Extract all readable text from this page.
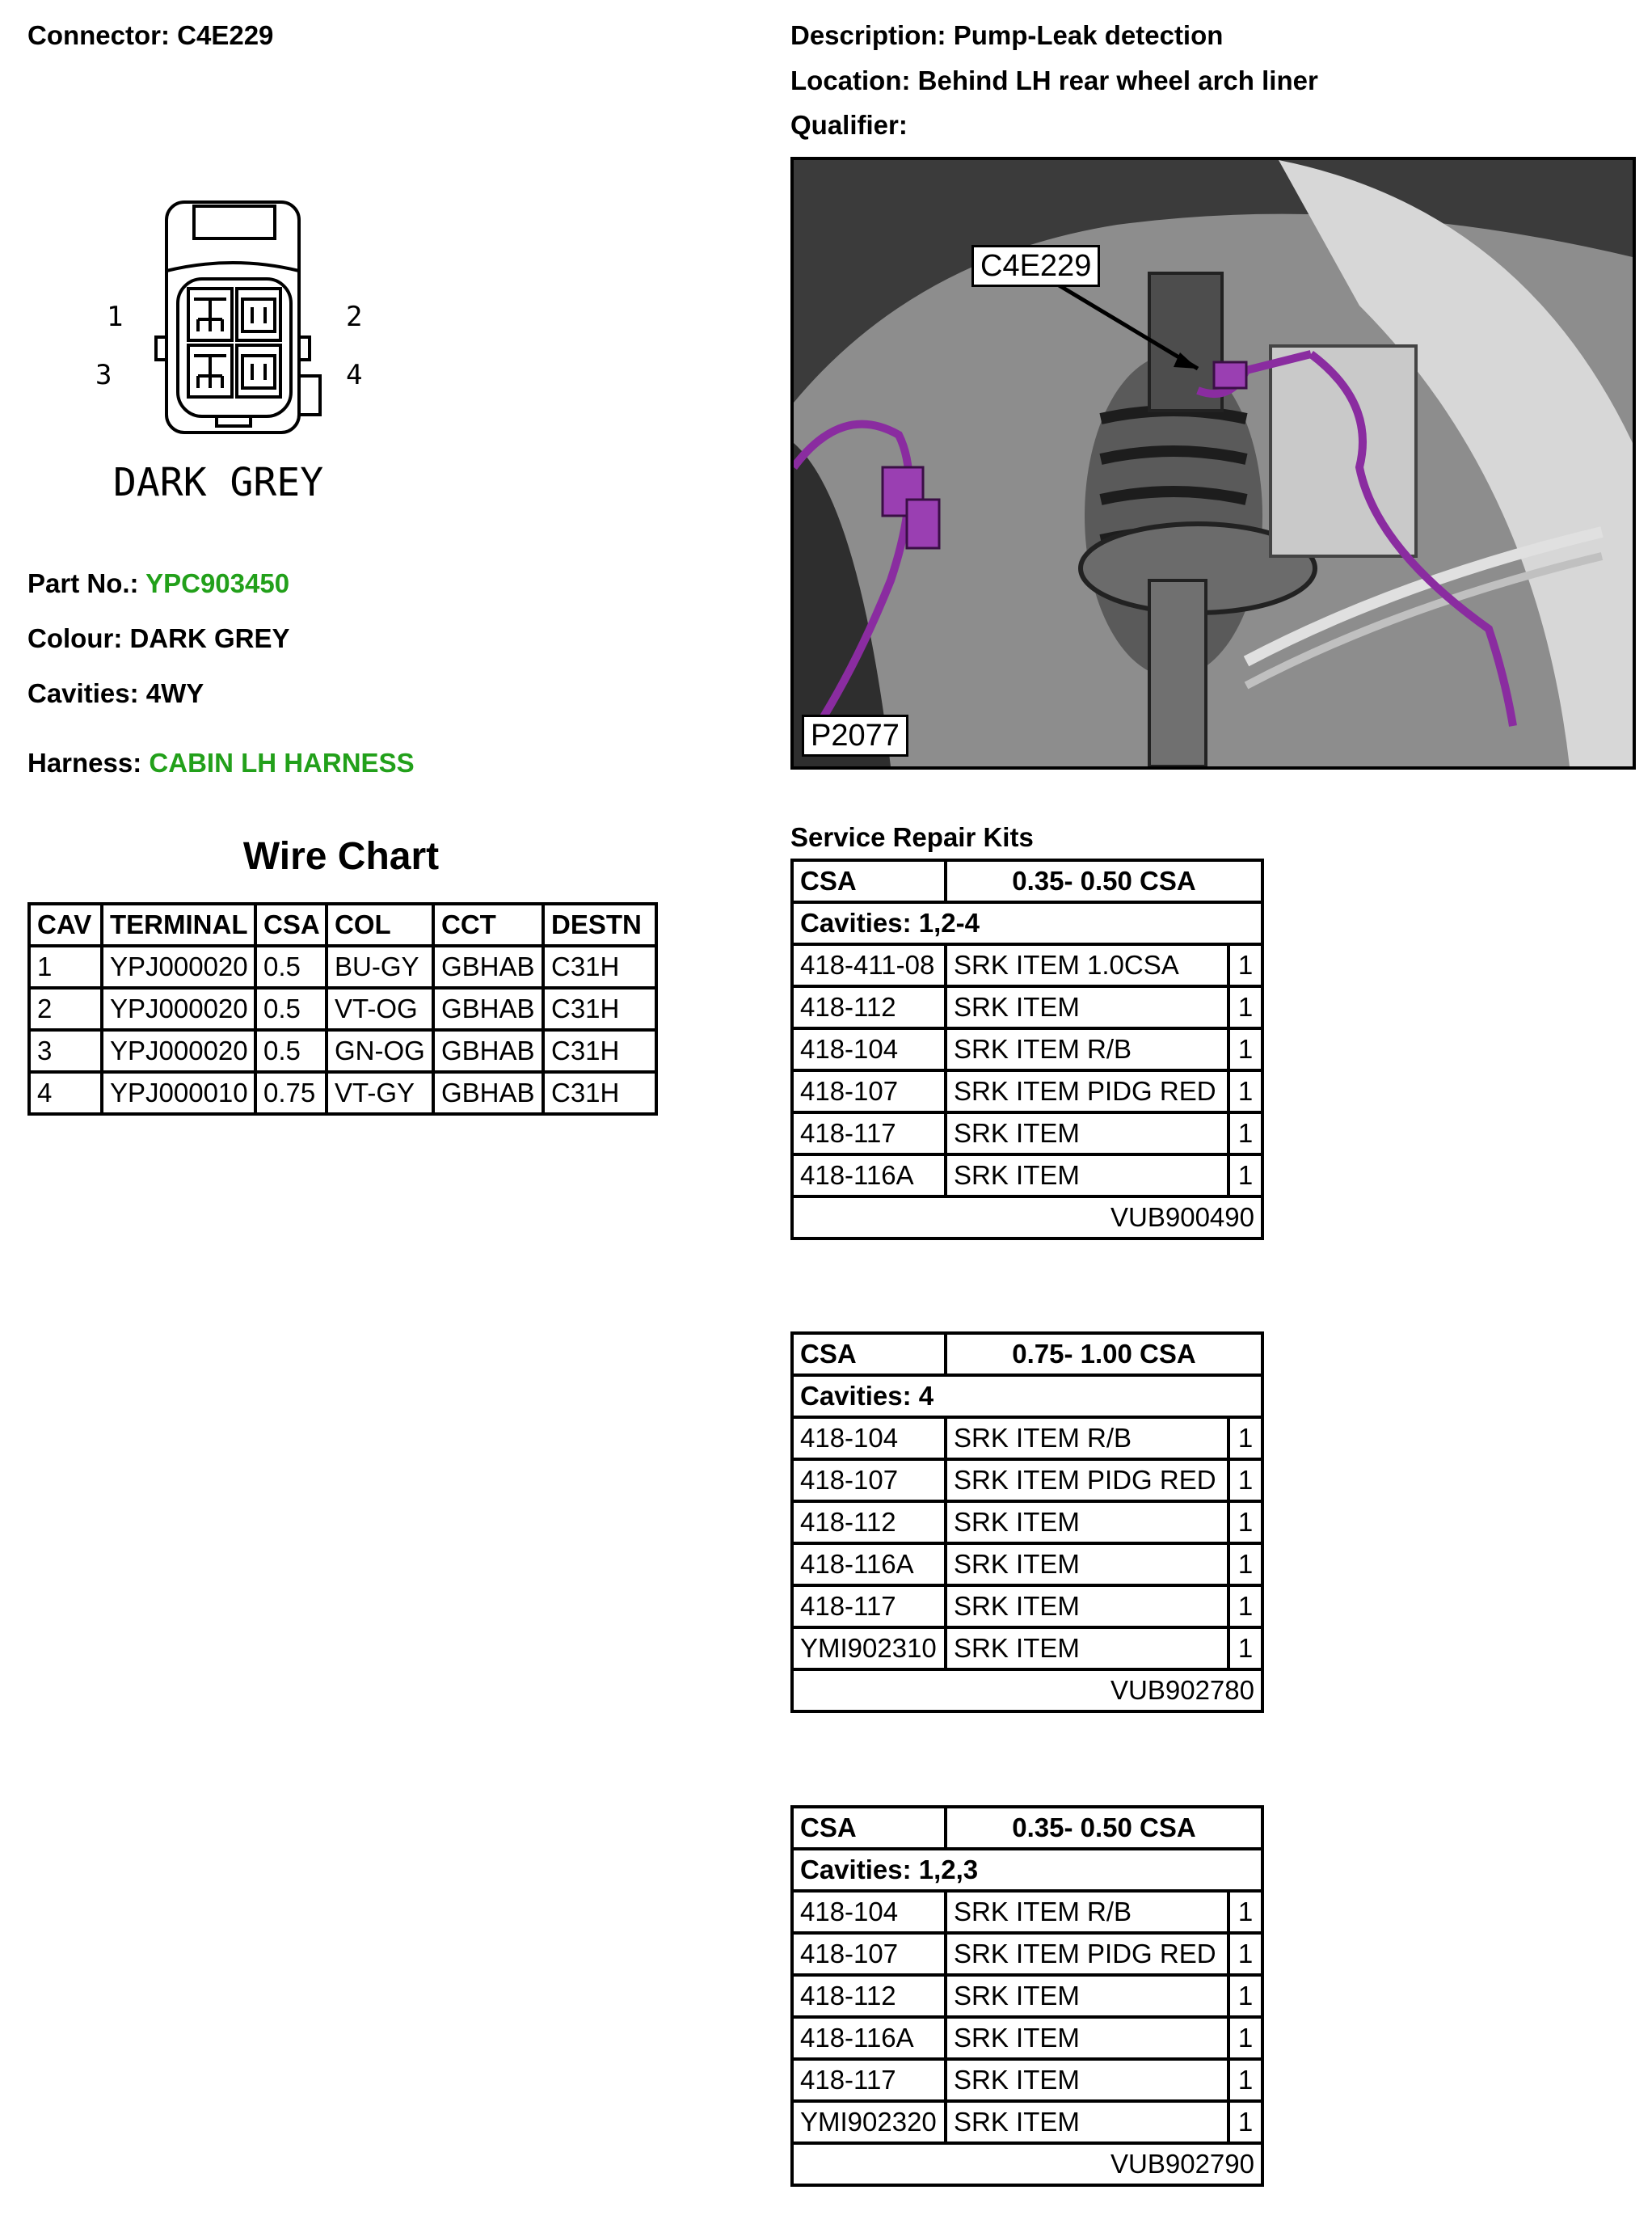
Connector: C4E229	Description: Pump-Leak detection
Location: Behind LH rear wheel arch liner
Qualifier:
1	2
3	4
DARK GREY
Part No.: YPC903450
Colour: DARK GREY
Cavities: 4WY
Harness: CABIN LH HARNESS
C4E229
P2077
Wire Chart
CAV	TERMINAL	CSA	COL	CCT	DESTN
1	YPJ000020	0.5	BU-GY	GBHAB	C31H
2	YPJ000020	0.5	VT-OG	GBHAB	C31H
3	YPJ000020	0.5	GN-OG	GBHAB	C31H
4	YPJ000010	0.75	VT-GY	GBHAB	C31H
Service Repair Kits
CSA	0.35- 0.50 CSA	
Cavities: 1,2-4		
418-411-08	SRK ITEM 1.0CSA	1
418-112	SRK ITEM	1
418-104	SRK ITEM R/B	1
418-107	SRK ITEM PIDG RED	1
418-117	SRK ITEM	1
418-116A	SRK ITEM	1
VUB900490		
CSA	0.75- 1.00 CSA	
Cavities: 4		
418-104	SRK ITEM R/B	1
418-107	SRK ITEM PIDG RED	1
418-112	SRK ITEM	1
418-116A	SRK ITEM	1
418-117	SRK ITEM	1
YMI902310	SRK ITEM	1
VUB902780		
CSA	0.35- 0.50 CSA	
Cavities: 1,2,3		
418-104	SRK ITEM R/B	1
418-107	SRK ITEM PIDG RED	1
418-112	SRK ITEM	1
418-116A	SRK ITEM	1
418-117	SRK ITEM	1
YMI902320	SRK ITEM	1
VUB902790		
